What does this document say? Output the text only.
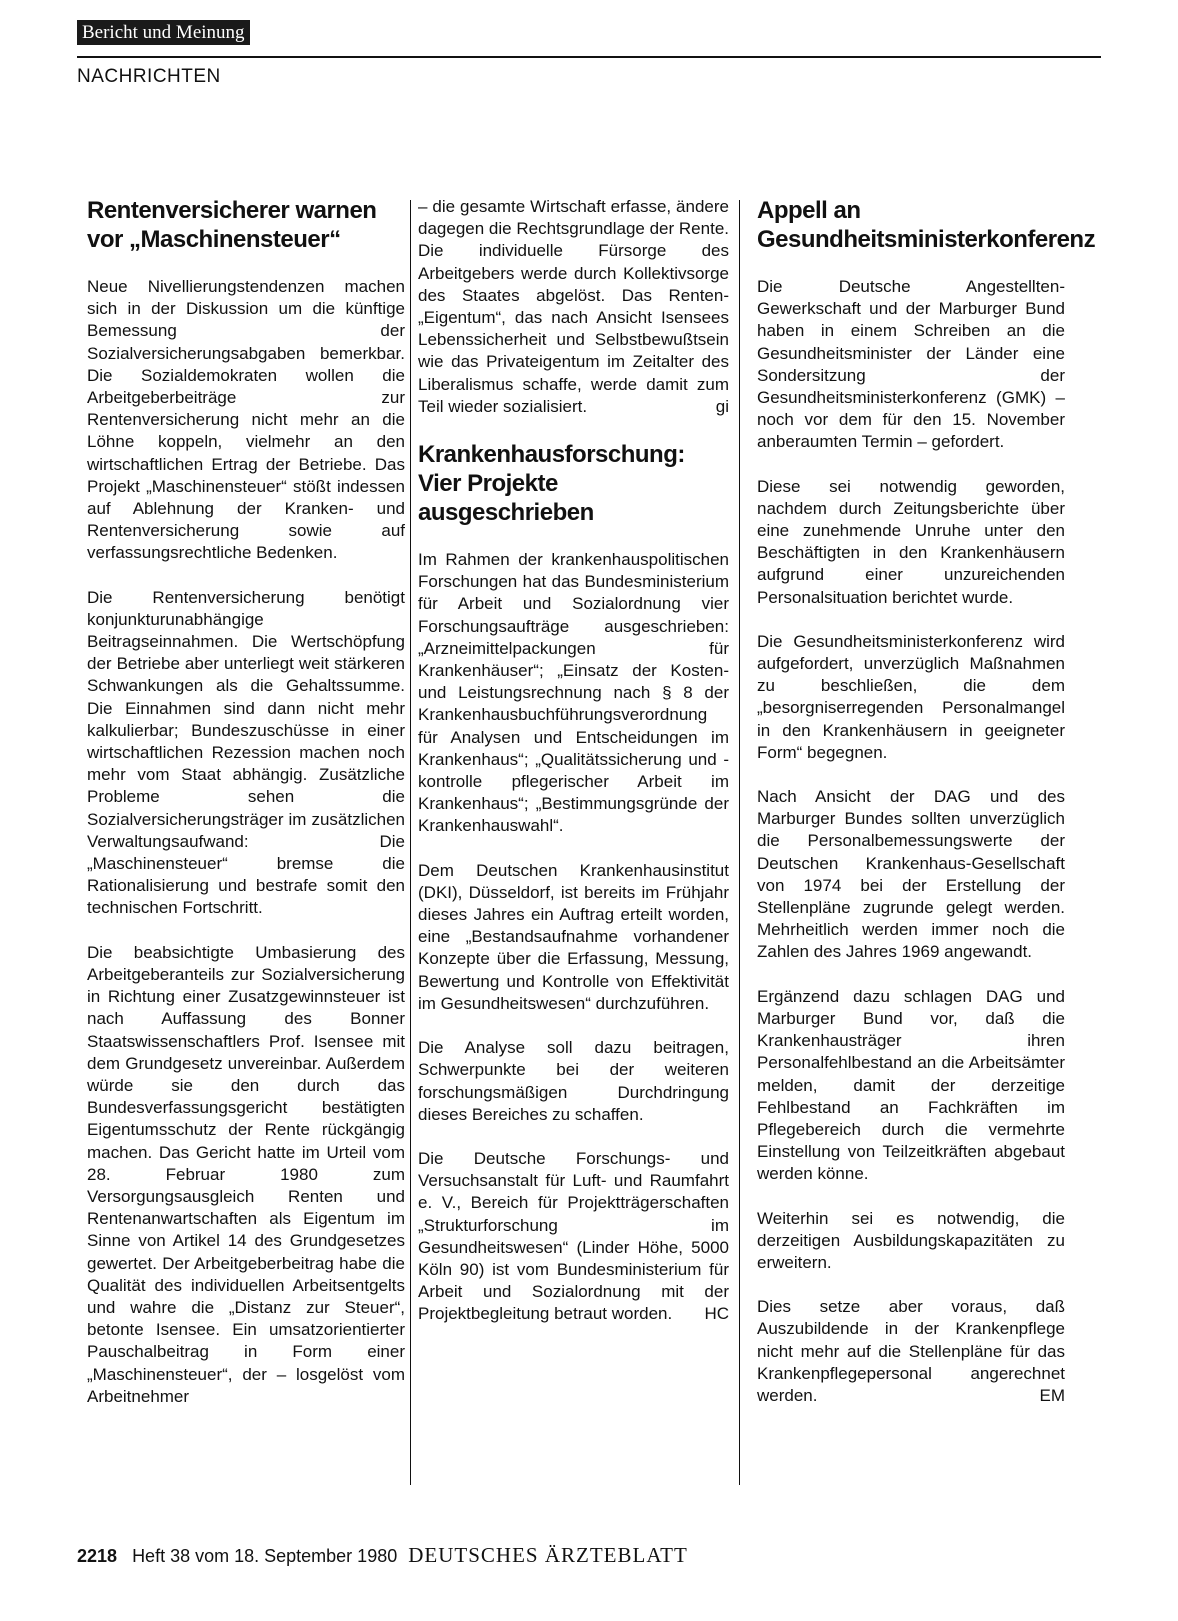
Bericht und Meinung
NACHRICHTEN
Rentenversicherer warnen vor „Maschinensteuer“

Neue Nivellierungstendenzen machen sich in der Diskussion um die künftige Bemessung der Sozialversicherungsabgaben bemerkbar. Die Sozialdemokraten wollen die Arbeitgeberbeiträge zur Rentenversicherung nicht mehr an die Löhne koppeln, vielmehr an den wirtschaftlichen Ertrag der Betriebe. Das Projekt „Maschinensteuer“ stößt indessen auf Ablehnung der Kranken- und Rentenversicherung sowie auf verfassungsrechtliche Bedenken.

Die Rentenversicherung benötigt konjunkturunabhängige Beitragseinnahmen. Die Wertschöpfung der Betriebe aber unterliegt weit stärkeren Schwankungen als die Gehaltssumme. Die Einnahmen sind dann nicht mehr kalkulierbar; Bundeszuschüsse in einer wirtschaftlichen Rezession machen noch mehr vom Staat abhängig. Zusätzliche Probleme sehen die Sozialversicherungsträger im zusätzlichen Verwaltungsaufwand: Die „Maschinensteuer“ bremse die Rationalisierung und bestrafe somit den technischen Fortschritt.

Die beabsichtigte Umbasierung des Arbeitgeberanteils zur Sozialversicherung in Richtung einer Zusatzgewinnsteuer ist nach Auffassung des Bonner Staatswissenschaftlers Prof. Isensee mit dem Grundgesetz unvereinbar. Außerdem würde sie den durch das Bundesverfassungsgericht bestätigten Eigentumsschutz der Rente rückgängig machen. Das Gericht hatte im Urteil vom 28. Februar 1980 zum Versorgungsausgleich Renten und Rentenanwartschaften als Eigentum im Sinne von Artikel 14 des Grundgesetzes gewertet. Der Arbeitgeberbeitrag habe die Qualität des individuellen Arbeitsentgelts und wahre die „Distanz zur Steuer“, betonte Isensee. Ein umsatzorientierter Pauschalbeitrag in Form einer „Maschinensteuer“, der – losgelöst vom Arbeitnehmer

– die gesamte Wirtschaft erfasse, ändere dagegen die Rechtsgrundlage der Rente. Die individuelle Fürsorge des Arbeitgebers werde durch Kollektivsorge des Staates abgelöst. Das Renten-„Eigentum“, das nach Ansicht Isensees Lebenssicherheit und Selbstbewußtsein wie das Privateigentum im Zeitalter des Liberalismus schaffe, werde damit zum Teil wieder sozialisiert.	gi

Krankenhausforschung: Vier Projekte ausgeschrieben

Im Rahmen der krankenhauspolitischen Forschungen hat das Bundesministerium für Arbeit und Sozialordnung vier Forschungsaufträge ausgeschrieben: „Arzneimittelpackungen für Krankenhäuser“; „Einsatz der Kosten- und Leistungsrechnung nach § 8 der Krankenhausbuchführungsverordnung für Analysen und Entscheidungen im Krankenhaus“; „Qualitätssicherung und -kontrolle pflegerischer Arbeit im Krankenhaus“; „Bestimmungsgründe der Krankenhauswahl“.

Dem Deutschen Krankenhausinstitut (DKI), Düsseldorf, ist bereits im Frühjahr dieses Jahres ein Auftrag erteilt worden, eine „Bestandsaufnahme vorhandener Konzepte über die Erfassung, Messung, Bewertung und Kontrolle von Effektivität im Gesundheitswesen“ durchzuführen.

Die Analyse soll dazu beitragen, Schwerpunkte bei der weiteren forschungsmäßigen Durchdringung dieses Bereiches zu schaffen.

Die Deutsche Forschungs- und Versuchsanstalt für Luft- und Raumfahrt e. V., Bereich für Projektträgerschaften „Strukturforschung im Gesundheitswesen“ (Linder Höhe, 5000 Köln 90) ist vom Bundesministerium für Arbeit und Sozialordnung mit der Projektbegleitung betraut worden. HC

Appell an Gesundheitsministerkonferenz

Die Deutsche Angestellten-Gewerkschaft und der Marburger Bund haben in einem Schreiben an die Gesundheitsminister der Länder eine Sondersitzung der Gesundheitsministerkonferenz (GMK) – noch vor dem für den 15. November anberaumten Termin – gefordert.

Diese sei notwendig geworden, nachdem durch Zeitungsberichte über eine zunehmende Unruhe unter den Beschäftigten in den Krankenhäusern aufgrund einer unzureichenden Personalsituation berichtet wurde.

Die Gesundheitsministerkonferenz wird aufgefordert, unverzüglich Maßnahmen zu beschließen, die dem „besorgniserregenden Personalmangel in den Krankenhäusern in geeigneter Form“ begegnen.

Nach Ansicht der DAG und des Marburger Bundes sollten unverzüglich die Personalbemessungswerte der Deutschen Krankenhaus-Gesellschaft von 1974 bei der Erstellung der Stellenpläne zugrunde gelegt werden. Mehrheitlich werden immer noch die Zahlen des Jahres 1969 angewandt.

Ergänzend dazu schlagen DAG und Marburger Bund vor, daß die Krankenhausträger ihren Personalfehlbestand an die Arbeitsämter melden, damit der derzeitige Fehlbestand an Fachkräften im Pflegebereich durch die vermehrte Einstellung von Teilzeitkräften abgebaut werden könne.

Weiterhin sei es notwendig, die derzeitigen Ausbildungskapazitäten zu erweitern.

Dies setze aber voraus, daß Auszubildende in der Krankenpflege nicht mehr auf die Stellenpläne für das Krankenpflegepersonal angerechnet werden.	EM

2218 Heft 38 vom 18. September 1980 DEUTSCHES ÄRZTEBLATT
